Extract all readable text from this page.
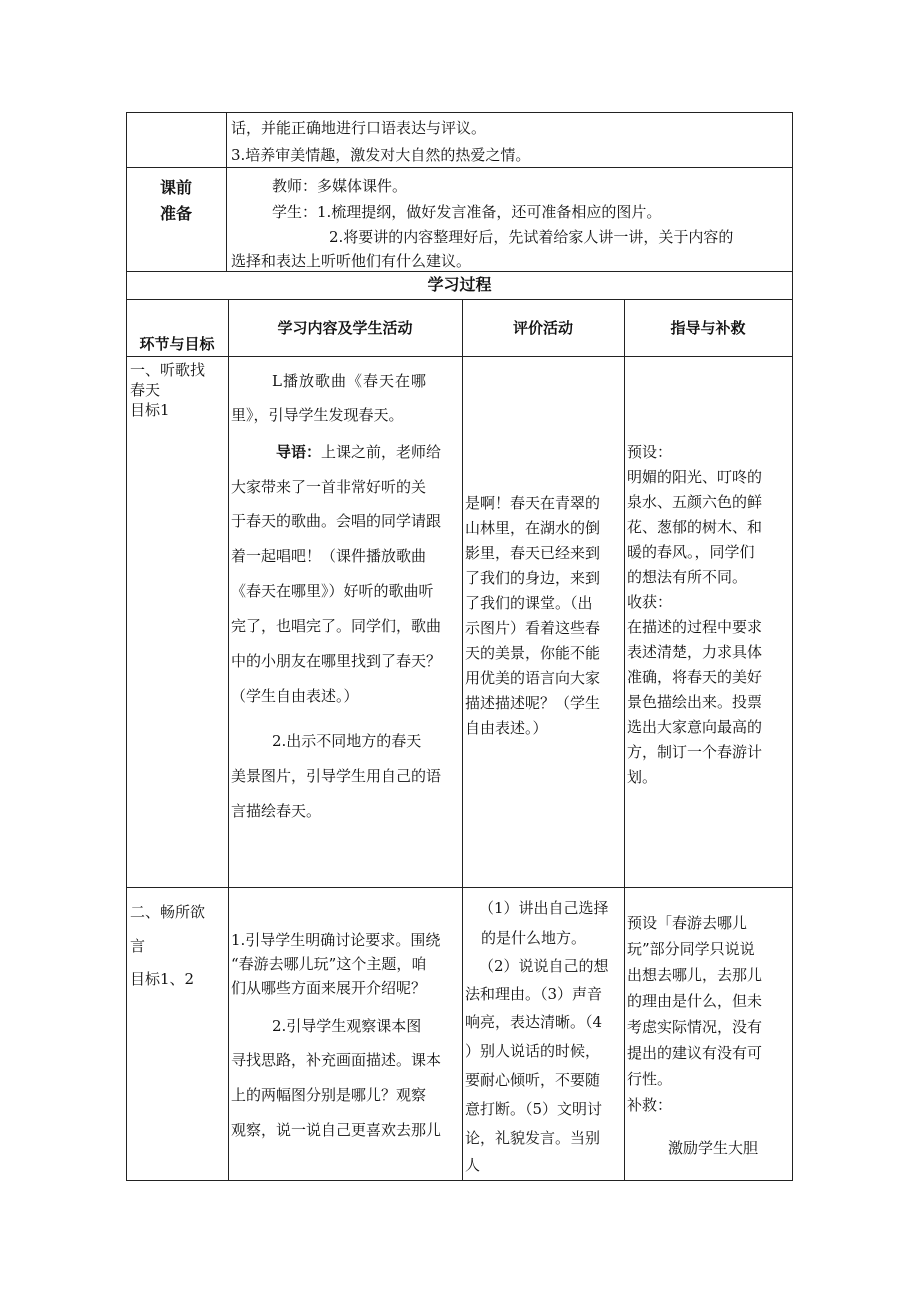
话，并能正确地进行口语表达与评议。
3.培养审美情趣，激发对大自然的热爱之情。
课前
准备
教师：多媒体课件。
学生：1.梳理提纲，做好发言准备，还可准备相应的图片。
2.将要讲的内容整理好后，先试着给家人讲一讲，关于内容的
选择和表达上听听他们有什么建议。
学习过程
环节与目标
学习内容及学生活动	评价活动	指导与补救
一、听歌找
春天
目标1
L播放歌曲《春天在哪
里》，引导学生发现春天。
导语：上课之前，老师给
大家带来了一首非常好听的关
于春天的歌曲。会唱的同学请跟
着一起唱吧！（课件播放歌曲
《春天在哪里》）好听的歌曲听
完了，也唱完了。同学们，歌曲
中的小朋友在哪里找到了春天？
（学生自由表述。）
2.出示不同地方的春天
美景图片，引导学生用自己的语
言描绘春天。
是啊！春天在青翠的
山林里，在湖水的倒
影里，春天已经来到
了我们的身边，来到
了我们的课堂。（出
示图片）看着这些春
天的美景，你能不能
用优美的语言向大家
描述描述呢？（学生
自由表述。）
预设：
明媚的阳光、叮咚的
泉水、五颜六色的鲜
花、葱郁的树木、和
暖的春风。，同学们
的想法有所不同。
收获：
在描述的过程中要求
表述清楚，力求具体
准确，将春天的美好
景色描绘出来。投票
选出大家意向最高的
方，制订一个春游计
划。
二、畅所欲
言
目标1、2
1.引导学生明确讨论要求。围绕
“春游去哪儿玩”这个主题，咱
们从哪些方面来展开介绍呢？
2.引导学生观察课本图
寻找思路，补充画面描述。课本
上的两幅图分别是哪儿？观察
观察，说一说自己更喜欢去那儿
（1）讲出自己选择
的是什么地方。
（2）说说自己的想
法和理由。（3）声音
响亮，表达清晰。（4
）别人说话的时候，
要耐心倾听，不要随
意打断。（5）文明讨
论，礼貌发言。当别
人
预设「春游去哪儿
玩”部分同学只说说
出想去哪儿，去那儿
的理由是什么，但未
考虑实际情况，没有
提出的建议有没有可
行性。
补救：
激励学生大胆
